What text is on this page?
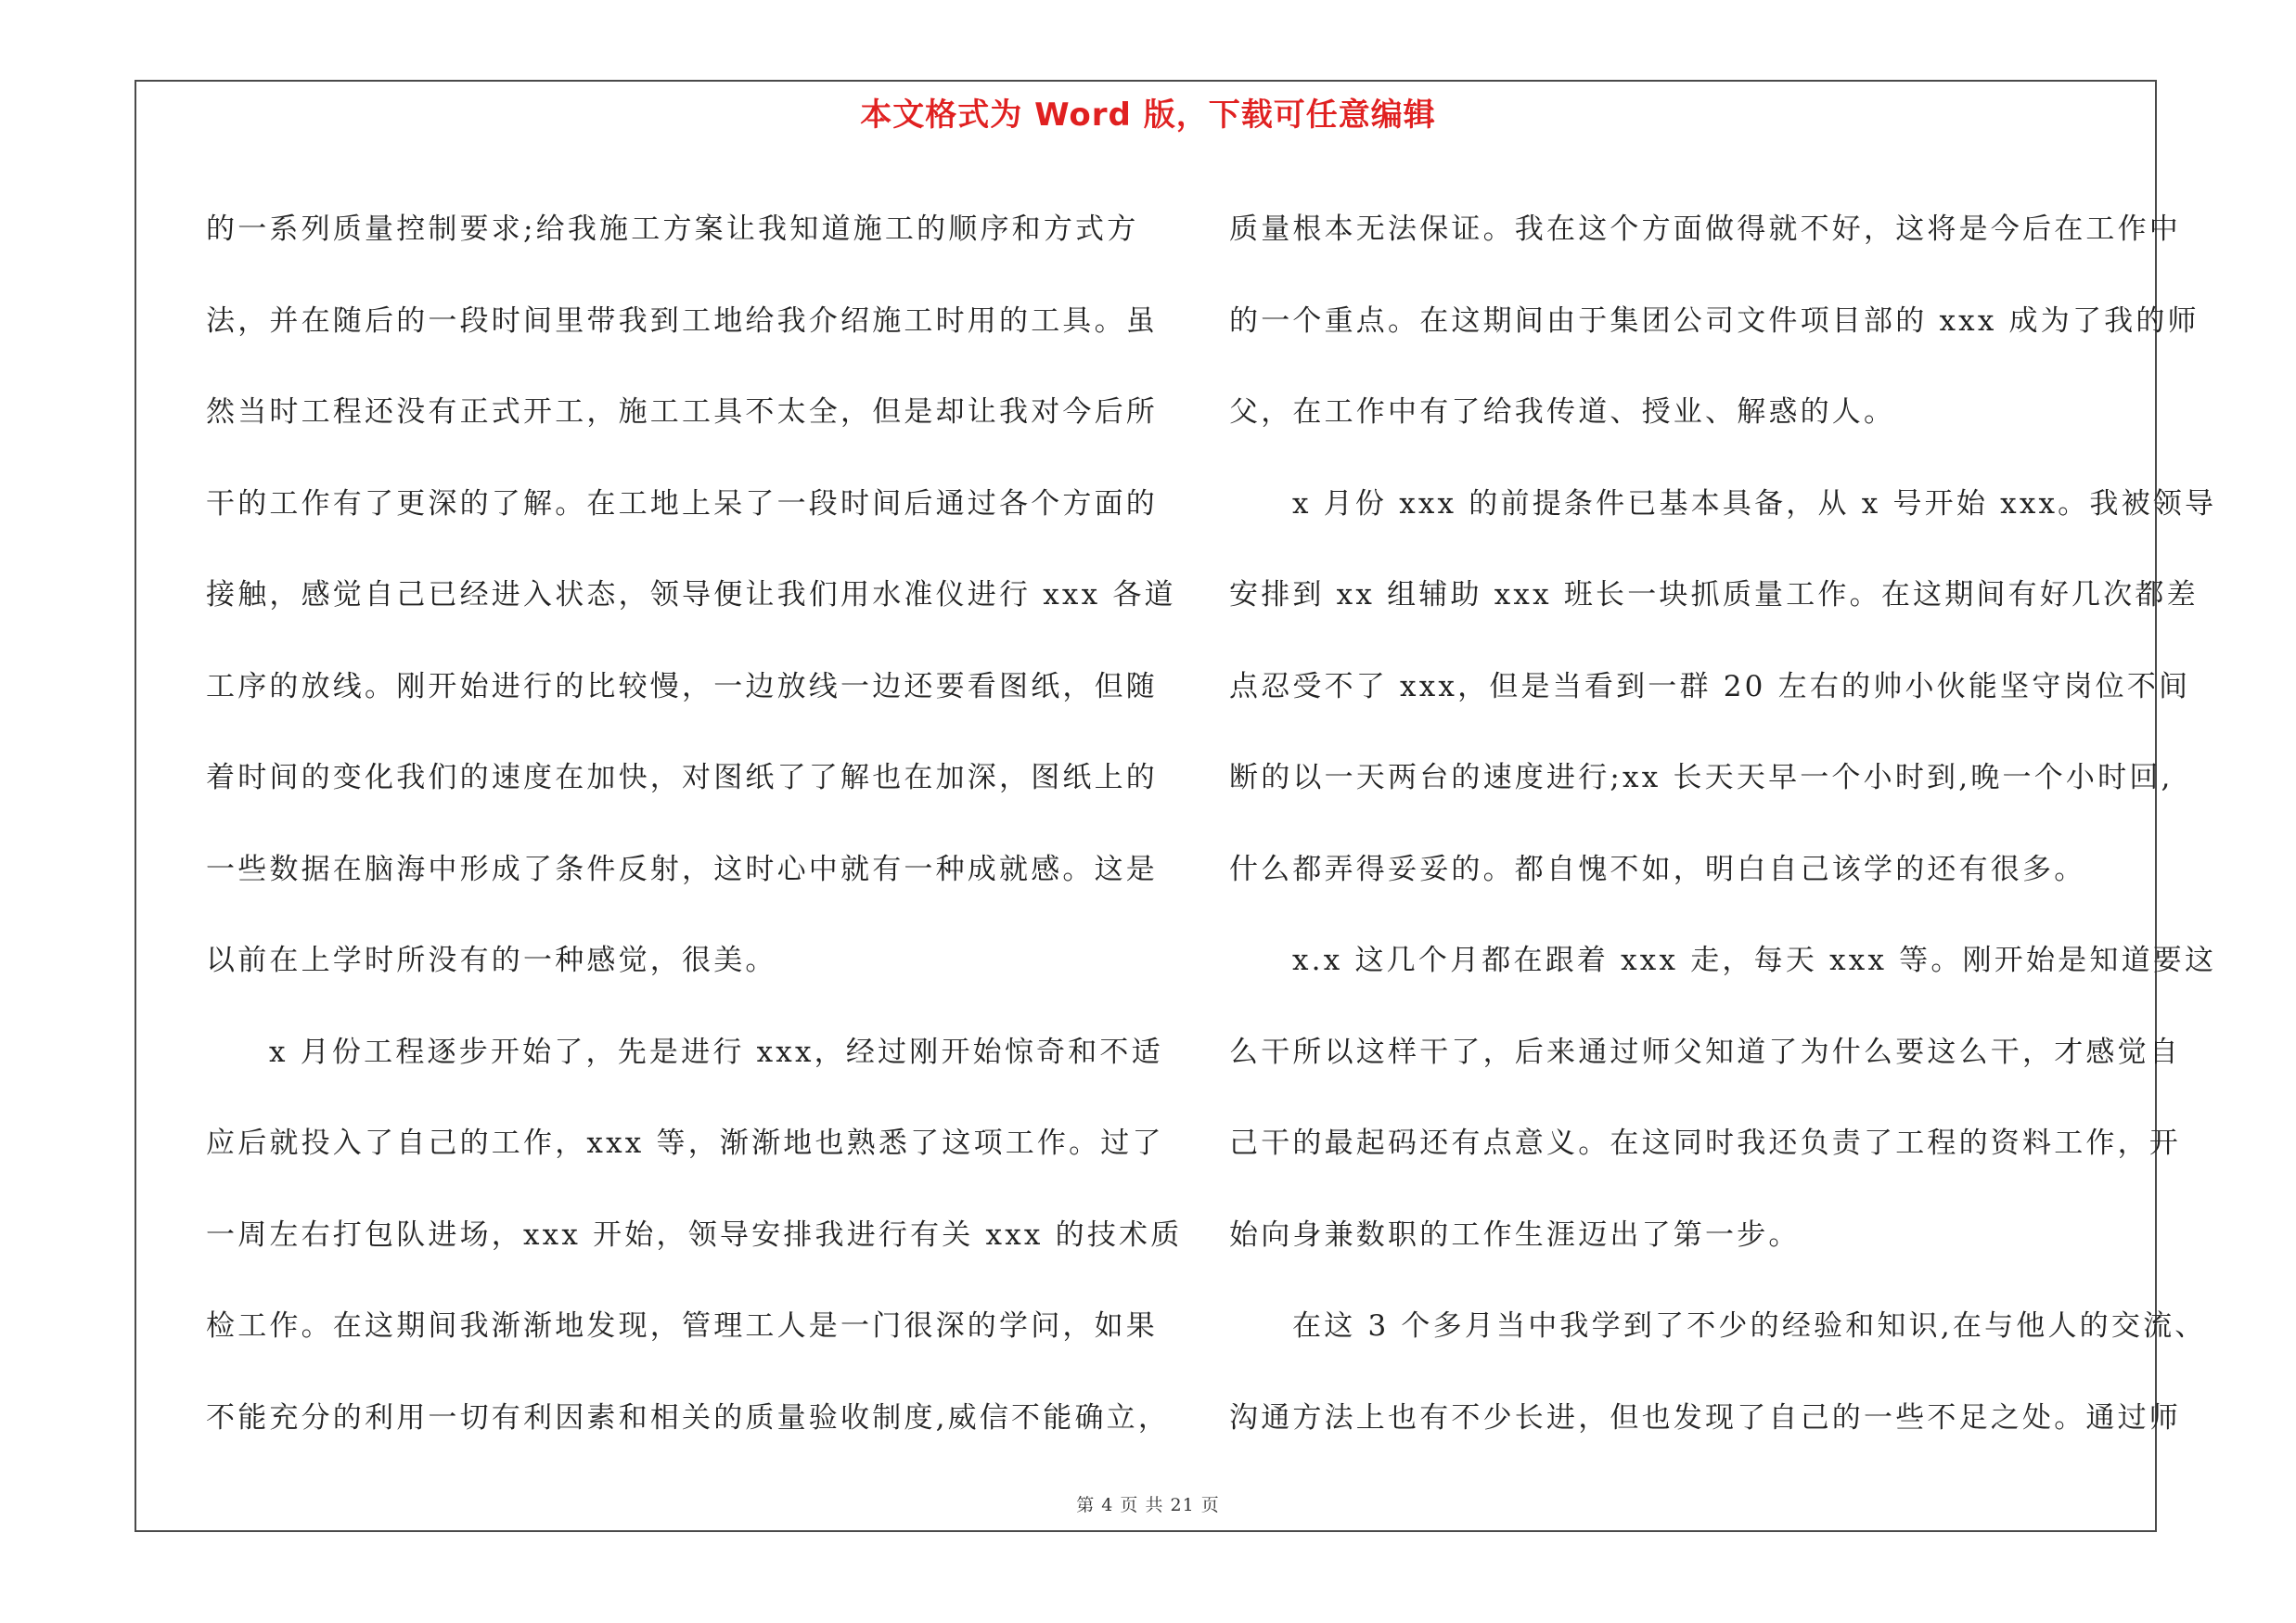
本文格式为 Word 版，下载可任意编辑
的一系列质量控制要求;给我施工方案让我知道施工的顺序和方式方
法，并在随后的一段时间里带我到工地给我介绍施工时用的工具。虽
然当时工程还没有正式开工，施工工具不太全，但是却让我对今后所
干的工作有了更深的了解。在工地上呆了一段时间后通过各个方面的
接触，感觉自己已经进入状态，领导便让我们用水准仪进行 xxx 各道
工序的放线。刚开始进行的比较慢，一边放线一边还要看图纸，但随
着时间的变化我们的速度在加快，对图纸了了解也在加深，图纸上的
一些数据在脑海中形成了条件反射，这时心中就有一种成就感。这是
以前在上学时所没有的一种感觉，很美。
x 月份工程逐步开始了，先是进行 xxx，经过刚开始惊奇和不适
应后就投入了自己的工作，xxx 等，渐渐地也熟悉了这项工作。过了
一周左右打包队进场，xxx 开始，领导安排我进行有关 xxx 的技术质
检工作。在这期间我渐渐地发现，管理工人是一门很深的学问，如果
不能充分的利用一切有利因素和相关的质量验收制度,威信不能确立，
质量根本无法保证。我在这个方面做得就不好，这将是今后在工作中
的一个重点。在这期间由于集团公司文件项目部的 xxx 成为了我的师
父，在工作中有了给我传道、授业、解惑的人。
x 月份 xxx 的前提条件已基本具备，从 x 号开始 xxx。我被领导
安排到 xx 组辅助 xxx 班长一块抓质量工作。在这期间有好几次都差
点忍受不了 xxx，但是当看到一群 20 左右的帅小伙能坚守岗位不间
断的以一天两台的速度进行;xx 长天天早一个小时到,晚一个小时回,
什么都弄得妥妥的。都自愧不如，明白自己该学的还有很多。
x.x 这几个月都在跟着 xxx 走，每天 xxx 等。刚开始是知道要这
么干所以这样干了，后来通过师父知道了为什么要这么干，才感觉自
己干的最起码还有点意义。在这同时我还负责了工程的资料工作，开
始向身兼数职的工作生涯迈出了第一步。
在这 3 个多月当中我学到了不少的经验和知识,在与他人的交流、
沟通方法上也有不少长进，但也发现了自己的一些不足之处。通过师
第 4 页 共 21 页
